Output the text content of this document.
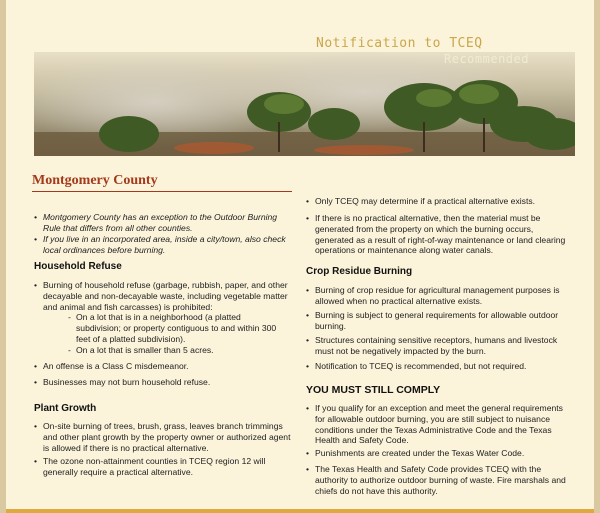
Notification to TCEQ
Recommended
Montgomery County
• Montgomery County has an exception to the Outdoor Burning Rule that differs from all other counties.
• If you live in an incorporated area, inside a city/town, also check local ordinances before burning.
Household Refuse
• Burning of household refuse (garbage, rubbish, paper, and other decayable and non-decayable waste, including vegetable matter and animal and fish carcasses) is prohibited:
- On a lot that is in a neighborhood (a platted subdivision; or property contiguous to and within 300 feet of a platted subdivision).
- On a lot that is smaller than 5 acres.
• An offense is a Class C misdemeanor.
• Businesses may not burn household refuse.
Plant Growth
• On-site burning of trees, brush, grass, leaves branch trimmings and other plant growth by the property owner or authorized agent is allowed if there is no practical alternative.
• The ozone non-attainment counties in TCEQ region 12 will generally require a practical alternative.
• Only TCEQ may determine if a practical alternative exists.
• If there is no practical alternative, then the material must be generated from the property on which the burning occurs, generated as a result of right-of-way maintenance or land clearing operations or maintenance along water canals.
Crop Residue Burning
• Burning of crop residue for agricultural management purposes is allowed when no practical alternative exists.
• Burning is subject to general requirements for allowable outdoor burning.
• Structures containing sensitive receptors, humans and livestock must not be negatively impacted by the burn.
• Notification to TCEQ is recommended, but not required.
YOU MUST STILL COMPLY
• If you qualify for an exception and meet the general requirements for allowable outdoor burning, you are still subject to nuisance conditions under the Texas Administrative Code and the Texas Health and Safety Code.
• Punishments are created under the Texas Water Code.
• The Texas Health and Safety Code provides TCEQ with the authority to authorize outdoor burning of waste. Fire marshals and chiefs do not have this authority.
